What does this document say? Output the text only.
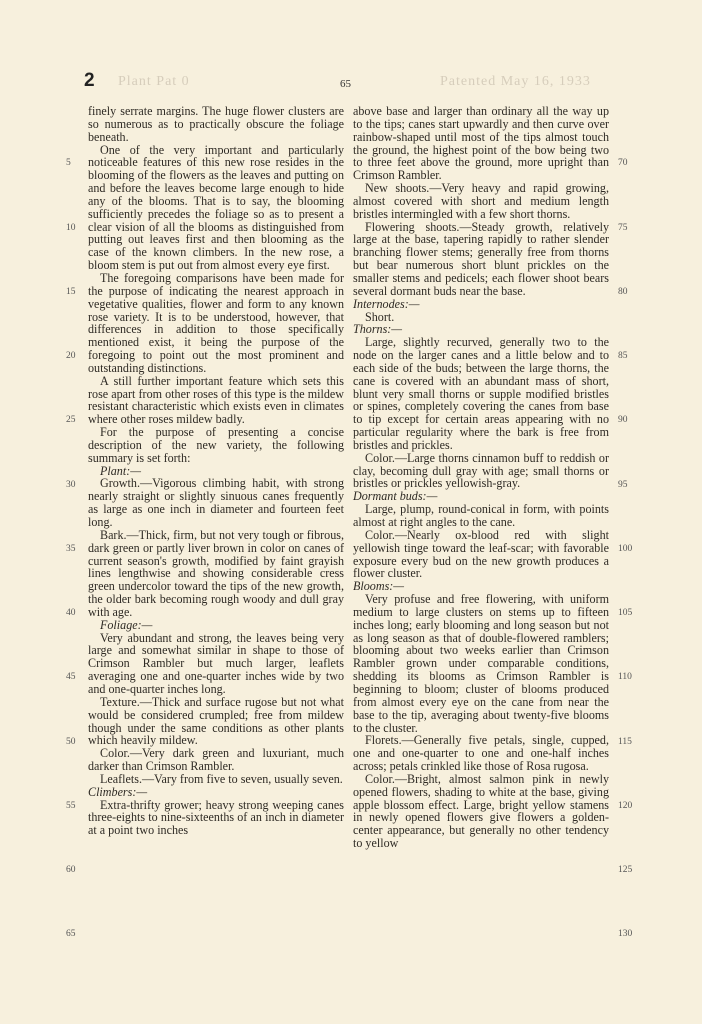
2 Plant Pat 0	Patented May 16, 1933
65

finely serrate margins. The huge flower clusters are so numerous as to practically obscure the foliage beneath.

One of the very important and particularly noticeable features of this new rose resides in the blooming of the flowers as the leaves and putting on and before the leaves become large enough to hide any of the blooms. That is to say, the blooming sufficiently precedes the foliage so as to present a clear vision of all the blooms as distinguished from putting out leaves first and then blooming as the case of the known climbers. In the new rose, a bloom stem is put out from almost every eye first.

The foregoing comparisons have been made for the purpose of indicating the nearest approach in vegetative qualities, flower and form to any known rose variety. It is to be understood, however, that differences in addition to those specifically mentioned exist, it being the purpose of the foregoing to point out the most prominent and outstanding distinctions.

A still further important feature which sets this rose apart from other roses of this type is the mildew resistant characteristic which exists even in climates where other roses mildew badly.

For the purpose of presenting a concise description of the new variety, the following summary is set forth:

Plant:—

Growth.—Vigorous climbing habit, with strong nearly straight or slightly sinuous canes frequently as large as one inch in diameter and fourteen feet long.

Bark.—Thick, firm, but not very tough or fibrous, dark green or partly liver brown in color on canes of current season's growth, modified by faint grayish lines lengthwise and showing considerable cress green undercolor toward the tips of the new growth, the older bark becoming rough woody and dull gray with age.

Foliage:—

Very abundant and strong, the leaves being very large and somewhat similar in shape to those of Crimson Rambler but much larger, leaflets averaging one and one-quarter inches wide by two and one-quarter inches long.

Texture.—Thick and surface rugose but not what would be considered crumpled; free from mildew though under the same conditions as other plants which heavily mildew.

Color.—Very dark green and luxuriant, much darker than Crimson Rambler.

Leaflets.—Vary from five to seven, usually seven.

Climbers:—

Extra-thrifty grower; heavy strong weeping canes three-eights to nine-sixteenths of an inch in diameter at a point two inches

above base and larger than ordinary all the way up to the tips; canes start upwardly and then curve over rainbow-shaped until most of the tips almost touch the ground, the highest point of the bow being two to three feet above the ground, more upright than Crimson Rambler.

New shoots.—Very heavy and rapid growing, almost covered with short and medium length bristles intermingled with a few short thorns.

Flowering shoots.—Steady growth, relatively large at the base, tapering rapidly to rather slender branching flower stems; generally free from thorns but bear numerous short blunt prickles on the smaller stems and pedicels; each flower shoot bears several dormant buds near the base.

Internodes:—

Short.

Thorns:—

Large, slightly recurved, generally two to the node on the larger canes and a little below and to each side of the buds; between the large thorns, the cane is covered with an abundant mass of short, blunt very small thorns or supple modified bristles or spines, completely covering the canes from base to tip except for certain areas appearing with no particular regularity where the bark is free from bristles and prickles.

Color.—Large thorns cinnamon buff to reddish or clay, becoming dull gray with age; small thorns or bristles or prickles yellowish-gray.

Dormant buds:—

Large, plump, round-conical in form, with points almost at right angles to the cane.

Color.—Nearly ox-blood red with slight yellowish tinge toward the leaf-scar; with favorable exposure every bud on the new growth produces a flower cluster.

Blooms:—

Very profuse and free flowering, with uniform medium to large clusters on stems up to fifteen inches long; early blooming and long season but not as long season as that of double-flowered ramblers; blooming about two weeks earlier than Crimson Rambler grown under comparable conditions, shedding its blooms as Crimson Rambler is beginning to bloom; cluster of blooms produced from almost every eye on the cane from near the base to the tip, averaging about twenty-five blooms to the cluster.

Florets.—Generally five petals, single, cupped, one and one-quarter to one and one-half inches across; petals crinkled like those of Rosa rugosa.

Color.—Bright, almost salmon pink in newly opened flowers, shading to white at the base, giving apple blossom effect. Large, bright yellow stamens in newly opened flowers give flowers a golden-center appearance, but generally no other tendency to yellow

5
10
15
20
25
30
35
40
45
50
55
60
65
70
75
80
85
90
95
100
105
110
115
120
125
130
